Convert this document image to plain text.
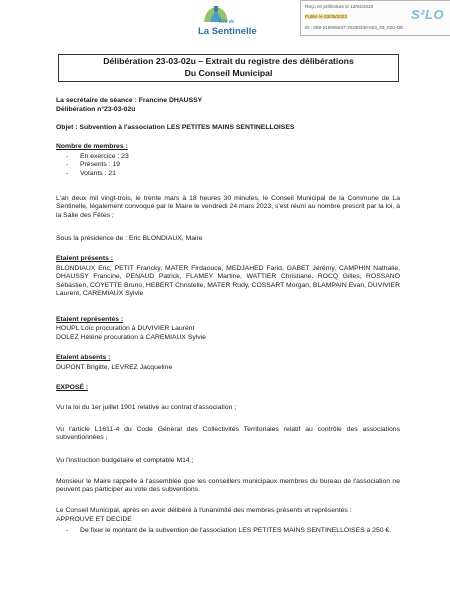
Ville de
La Sentinelle
Reçu en préfecture le 13/04/2023
Publié le 03/05/2023
ID : 059-215905647-20230330-023_03_02U-DE
S²LO
Délibération 23-03-02u – Extrait du registre des délibérations
Du Conseil Municipal
La secrétaire de séance : Francine DHAUSSY
Délibération n°23-03-02u
Objet : Subvention à l'association LES PETITES MAINS SENTINELLOISES
Nombre de membres :
- En exercice : 23
- Présents : 19
- Votants : 21
L'an deux mil vingt-trois, le trente mars à 18 heures 30 minutes, le Conseil Municipal de la Commune de La Sentinelle, légalement convoqué par le Maire le vendredi 24 mars 2023, s'est réuni au nombre prescrit par la loi, à la Salle des Fêtes ;
Sous la présidence de : Eric BLONDIAUX, Maire
Etaient présents :
BLONDIAUX Eric, PETIT Francky, MATER Firdaouce, MEDJAHED Farid, GABET Jérémy, CAMPHIN Nathalie, DHAUSSY Francine, PENAUD Patrick, FLAMEY Martine, WATTIER Christiane, ROCQ Gilles, ROSSANO Sébastien, COYETTE Bruno, HEBERT Christelle, MATER Rudy, COSSART Morgan, BLAMPAIN Evan, DUVIVIER Laurent, CAREMIAUX Sylvie
Etaient représentés :
HOUPL Loïc procuration à DUVIVIER Laurent
DOLEZ Hélène procuration à CAREMIAUX Sylvie
Etaient absents :
DUPONT Brigitte, LEVREZ Jacqueline
EXPOSÉ :
Vu la loi du 1er juillet 1901 relative au contrat d'association ;
Vu l'article L1611-4 du Code Général des Collectivités Territoriales relatif au contrôle des associations subventionnées ;
Vu l'instruction budgétaire et comptable M14 ;
Monsieur le Maire rappelle à l'assemblée que les conseillers municipaux membres du bureau de l'association ne peuvent pas participer au vote des subventions.
Le Conseil Municipal, après en avoir délibéré à l'unanimité des membres présents et représentés :
APPROUVE ET DECIDE
- De fixer le montant de la subvention de l'association LES PETITES MAINS SENTINELLOISES à 250 €.
